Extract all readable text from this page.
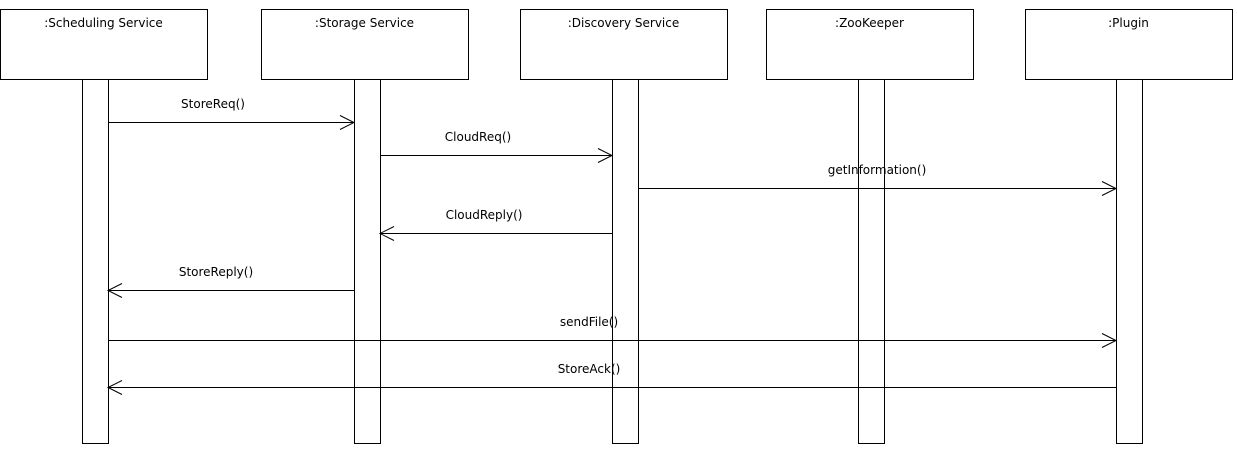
:Scheduling Service	:Storage Service	:Discovery Service	:ZooKeeper	:Plugin
StoreReq()
CloudReq()
getInformation()
CloudReply()
StoreReply()
sendFile()
StoreAck()
